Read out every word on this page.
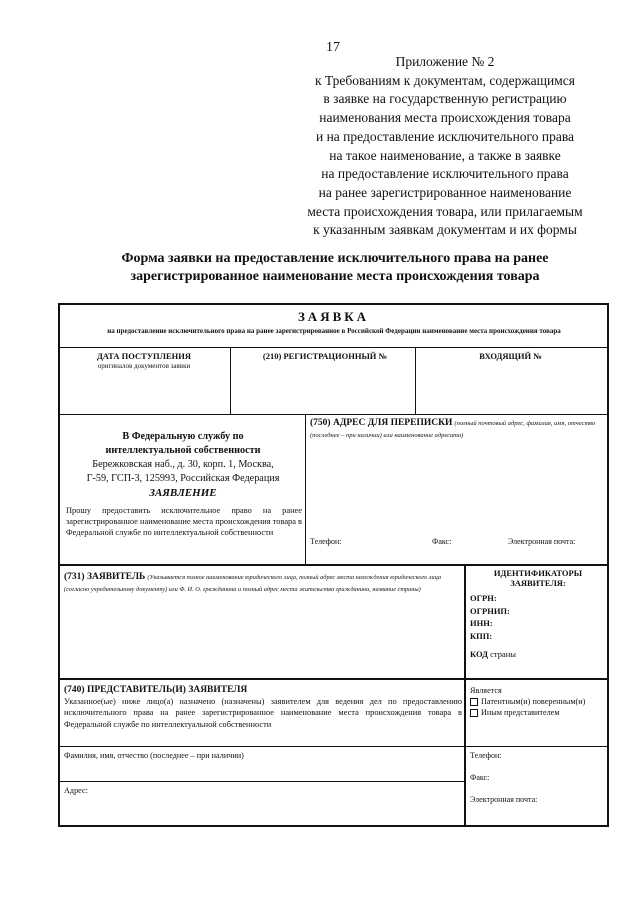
17
Приложение № 2
к Требованиям к документам, содержащимся
в заявке на государственную регистрацию
наименования места происхождения товара
и на предоставление исключительного права
на такое наименование, а также в заявке
на предоставление исключительного права
на ранее зарегистрированное наименование
места происхождения товара, или прилагаемым
к указанным заявкам документам и их формы
Форма заявки на предоставление исключительного права на ранее
зарегистрированное наименование места происхождения товара
ЗАЯВКА
на предоставление исключительного права на ранее зарегистрированное в Российской Федерации наименование места происхождения товара
ДАТА ПОСТУПЛЕНИЯ
оригиналов документов заявки
(210) РЕГИСТРАЦИОННЫЙ №	ВХОДЯЩИЙ №
В Федеральную службу по
интеллектуальной собственности
Бережковская наб., д. 30, корп. 1, Москва,
Г-59, ГСП-3, 125993, Российская Федерация
ЗАЯВЛЕНИЕ
Прошу предоставить исключительное право на ранее зарегистрированное наименование места происхождения товара в Федеральной службе по интеллектуальной собственности
(750) АДРЕС ДЛЯ ПЕРЕПИСКИ (полный почтовый адрес, фамилия, имя, отчество (последнее – при наличии) или наименование адресата)
Телефон:	Факс:	Электронная почта:
(731) ЗАЯВИТЕЛЬ (Указывается полное наименование юридического лица, полный адрес места нахождения юридического лица (согласно учредительному документу) или Ф. И. О. гражданина и полный адрес места жительства гражданина, название страны)
ИДЕНТИФИКАТОРЫ ЗАЯВИТЕЛЯ:
ОГРН:
ОГРНИП:
ИНН:
КПП:
КОД страны
(740) ПРЕДСТАВИТЕЛЬ(И) ЗАЯВИТЕЛЯ
Указанное(ые) ниже лицо(а) назначено (назначены) заявителем для ведения дел по предоставлению исключительного права на ранее зарегистрированное наименование места происхождения товара в Федеральной службе по интеллектуальной собственности
Является
Патентным(и) поверенным(и)
Иным представителем
Фамилия, имя, отчество (последнее – при наличии)
Адрес:
Телефон:
Факс:
Электронная почта:
